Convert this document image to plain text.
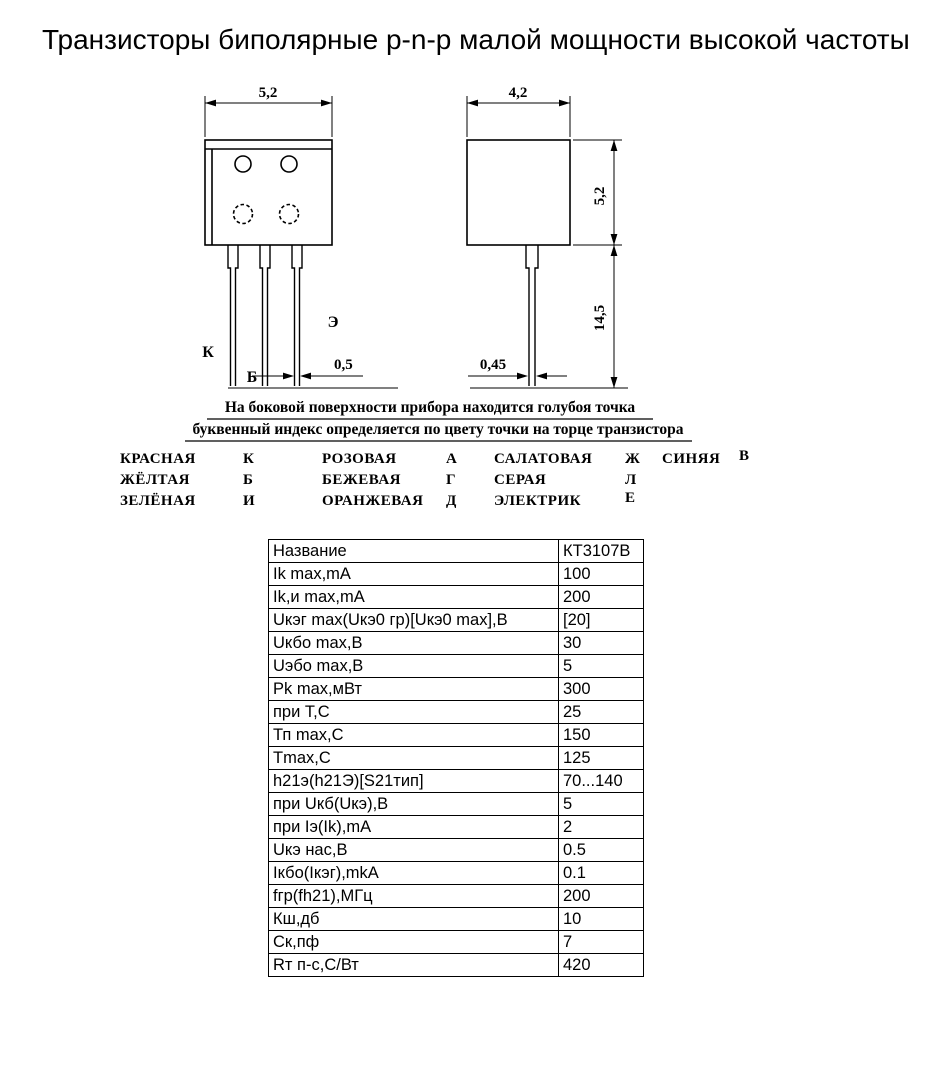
Транзисторы биполярные p-n-p малой мощности высокой частоты
5,2
0,5
К
Б
Э
4,2
5,2
14,5
0,45
На боковой поверхности прибора находится голубоя точка
буквенный индекс определяется по цвету точки на торце транзистора
КРАСНАЯ	К	РОЗОВАЯ	А САЛАТОВАЯ Ж СИНЯЯ В
ЖЁЛТАЯ	Б	БЕЖЕВАЯ	Г	СЕРАЯ	Л
ЗЕЛЁНАЯ	И	ОРАНЖЕВАЯ Д ЭЛЕКТРИК	Е
Название	КТ3107В
Ik max,mA	100
Ik,и max,mA	200
Uкэг max(Uкэ0 гр)[Uкэ0 max],В	[20]
Uкбо max,В	30
Uэбо max,В	5
Pk max,мВт	300
при T,C	25
Тп max,C	150
Tmax,C	125
h21э(h21Э)[S21тип]	70...140
при Uкб(Uкэ),В	5
при Iэ(Ik),mA	2
Uкэ нас,В	0.5
Iкбо(Iкэг),mkA	0.1
fгр(fh21),МГц	200
Кш,дб	10
Ск,пф	7
Rт п-с,С/Вт	420
